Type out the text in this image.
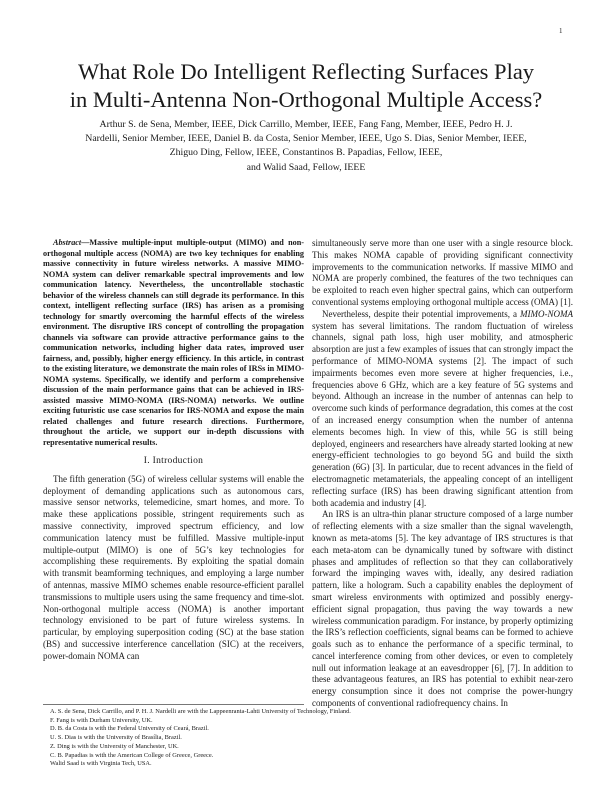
1
What Role Do Intelligent Reflecting Surfaces Play
in Multi-Antenna Non-Orthogonal Multiple Access?
Arthur S. de Sena, Member, IEEE, Dick Carrillo, Member, IEEE, Fang Fang, Member, IEEE, Pedro H. J.
Nardelli, Senior Member, IEEE, Daniel B. da Costa, Senior Member, IEEE, Ugo S. Dias, Senior Member, IEEE,
Zhiguo Ding, Fellow, IEEE, Constantinos B. Papadias, Fellow, IEEE,
and Walid Saad, Fellow, IEEE

Abstract—Massive multiple-input multiple-output (MIMO) and non-orthogonal multiple access (NOMA) are two key techniques for enabling massive connectivity in future wireless networks. A massive MIMO-NOMA system can deliver remarkable spectral improvements and low communication latency. Nevertheless, the uncontrollable stochastic behavior of the wireless channels can still degrade its performance. In this context, intelligent reflecting surface (IRS) has arisen as a promising technology for smartly overcoming the harmful effects of the wireless environment. The disruptive IRS concept of controlling the propagation channels via software can provide attractive performance gains to the communication networks, including higher data rates, improved user fairness, and, possibly, higher energy efficiency. In this article, in contrast to the existing literature, we demonstrate the main roles of IRSs in MIMO-NOMA systems. Specifically, we identify and perform a comprehensive discussion of the main performance gains that can be achieved in IRS-assisted massive MIMO-NOMA (IRS-NOMA) networks. We outline exciting futuristic use case scenarios for IRS-NOMA and expose the main related challenges and future research directions. Furthermore, throughout the article, we support our in-depth discussions with representative numerical results.

I. Introduction

The fifth generation (5G) of wireless cellular systems will enable the deployment of demanding applications such as autonomous cars, massive sensor networks, telemedicine, smart homes, and more. To make these applications possible, stringent requirements such as massive connectivity, improved spectrum efficiency, and low communication latency must be fulfilled. Massive multiple-input multiple-output (MIMO) is one of 5G’s key technologies for accomplishing these requirements. By exploiting the spatial domain with transmit beamforming techniques, and employing a large number of antennas, massive MIMO schemes enable resource-efficient parallel transmissions to multiple users using the same frequency and time-slot. Non-orthogonal multiple access (NOMA) is another important technology envisioned to be part of future wireless systems. In particular, by employing superposition coding (SC) at the base station (BS) and successive interference cancellation (SIC) at the receivers, power-domain NOMA can

simultaneously serve more than one user with a single resource block. This makes NOMA capable of providing significant connectivity improvements to the communication networks. If massive MIMO and NOMA are properly combined, the features of the two techniques can be exploited to reach even higher spectral gains, which can outperform conventional systems employing orthogonal multiple access (OMA) [1].

Nevertheless, despite their potential improvements, a MIMO-NOMA system has several limitations. The random fluctuation of wireless channels, signal path loss, high user mobility, and atmospheric absorption are just a few examples of issues that can strongly impact the performance of MIMO-NOMA systems [2]. The impact of such impairments becomes even more severe at higher frequencies, i.e., frequencies above 6 GHz, which are a key feature of 5G systems and beyond. Although an increase in the number of antennas can help to overcome such kinds of performance degradation, this comes at the cost of an increased energy consumption when the number of antenna elements becomes high. In view of this, while 5G is still being deployed, engineers and researchers have already started looking at new energy-efficient technologies to go beyond 5G and build the sixth generation (6G) [3]. In particular, due to recent advances in the field of electromagnetic metamaterials, the appealing concept of an intelligent reflecting surface (IRS) has been drawing significant attention from both academia and industry [4].

An IRS is an ultra-thin planar structure composed of a large number of reflecting elements with a size smaller than the signal wavelength, known as meta-atoms [5]. The key advantage of IRS structures is that each meta-atom can be dynamically tuned by software with distinct phases and amplitudes of reflection so that they can collaboratively forward the impinging waves with, ideally, any desired radiation pattern, like a hologram. Such a capability enables the deployment of smart wireless environments with optimized and possibly energy-efficient signal propagation, thus paving the way towards a new wireless communication paradigm. For instance, by properly optimizing the IRS’s reflection coefficients, signal beams can be formed to achieve goals such as to enhance the performance of a specific terminal, to cancel interference coming from other devices, or even to completely null out information leakage at an eavesdropper [6], [7]. In addition to these advantageous features, an IRS has potential to exhibit near-zero energy consumption since it does not comprise the power-hungry components of conventional radiofrequency chains. In

A. S. de Sena, Dick Carrillo, and P. H. J. Nardelli are with the Lappeenranta-Lahti University of Technology, Finland.
F. Fang is with Durham University, UK.
D. B. da Costa is with the Federal University of Ceará, Brazil.
U. S. Dias is with the University of Brasília, Brazil.
Z. Ding is with the University of Manchester, UK.
C. B. Papadias is with the American College of Greece, Greece.
Walid Saad is with Virginia Tech, USA.
